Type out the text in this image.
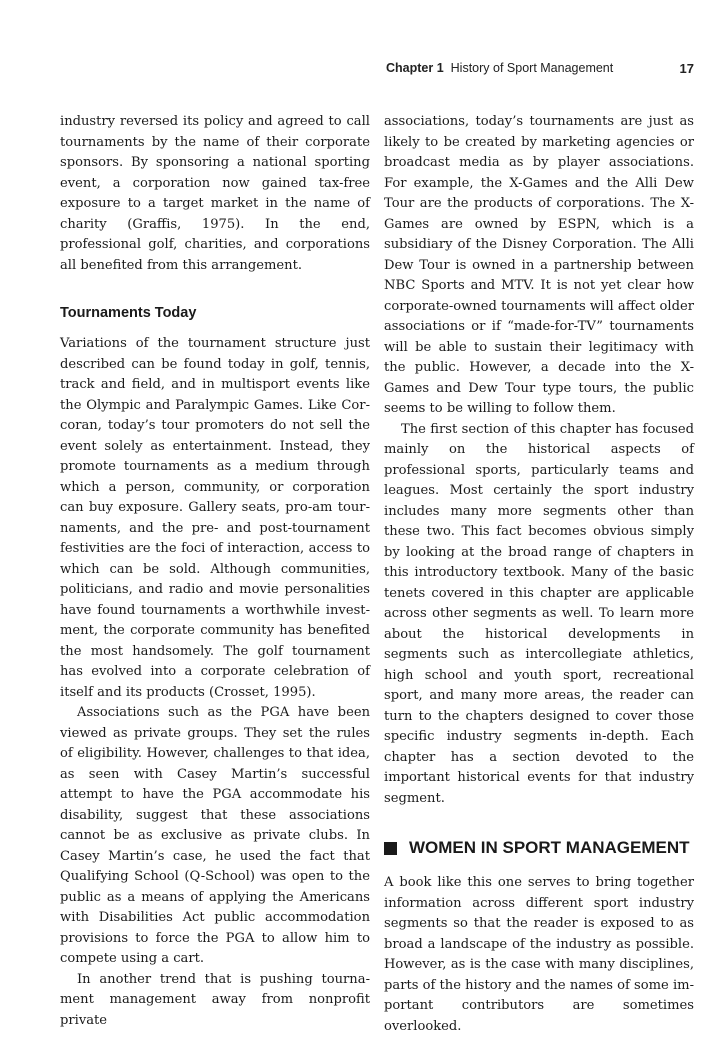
Chapter 1 History of Sport Management	17

industry reversed its policy and agreed to call tournaments by the name of their corporate sponsors. By sponsoring a national sporting event, a corporation now gained tax-free exposure to a target market in the name of charity (Graffis, 1975). In the end, professional golf, charities, and corporations all benefited from this arrangement.

Tournaments Today

Variations of the tournament structure just described can be found today in golf, tennis, track and field, and in multisport events like the Olympic and Paralympic Games. Like Corcoran, today’s tour promoters do not sell the event solely as entertainment. Instead, they promote tournaments as a medium through which a person, community, or corporation can buy exposure. Gallery seats, pro-am tournaments, and the pre- and post-tournament festivities are the foci of interaction, access to which can be sold. Although communities, politicians, and radio and movie personalities have found tournaments a worthwhile investment, the corporate community has benefited the most handsomely. The golf tournament has evolved into a corporate celebration of itself and its products (Crosset, 1995).

Associations such as the PGA have been viewed as private groups. They set the rules of eligibility. However, challenges to that idea, as seen with Casey Martin’s successful attempt to have the PGA accommodate his disability, suggest that these associations cannot be as exclusive as private clubs. In Casey Martin’s case, he used the fact that Qualifying School (Q-School) was open to the public as a means of applying the Americans with Disabilities Act public accommodation provisions to force the PGA to allow him to compete using a cart.

In another trend that is pushing tournament management away from nonprofit private

associations, today’s tournaments are just as likely to be created by marketing agencies or broadcast media as by player associations. For example, the X-Games and the Alli Dew Tour are the products of corporations. The X-Games are owned by ESPN, which is a subsidiary of the Disney Corporation. The Alli Dew Tour is owned in a partnership between NBC Sports and MTV. It is not yet clear how corporate-​owned tournaments will affect older associations or if “made-for-TV” tournaments will be able to sustain their legitimacy with the public. However, a decade into the X-Games and Dew Tour type tours, the public seems to be willing to follow them.

The first section of this chapter has focused mainly on the historical aspects of professional sports, particularly teams and leagues. Most certainly the sport industry includes many more segments other than these two. This fact becomes obvious simply by looking at the broad range of chapters in this introductory textbook. Many of the basic tenets covered in this chapter are applicable across other segments as well. To learn more about the historical developments in segments such as intercollegiate athletics, high school and youth sport, recreational sport, and many more areas, the reader can turn to the chapters designed to cover those specific industry segments in-depth. Each chapter has a section devoted to the important historical events for that industry segment.

WOMEN IN SPORT MANAGEMENT

A book like this one serves to bring together information across different sport industry segments so that the reader is exposed to as broad a landscape of the industry as possible. However, as is the case with many disciplines, parts of the history and the names of some important contributors are sometimes overlooked.
